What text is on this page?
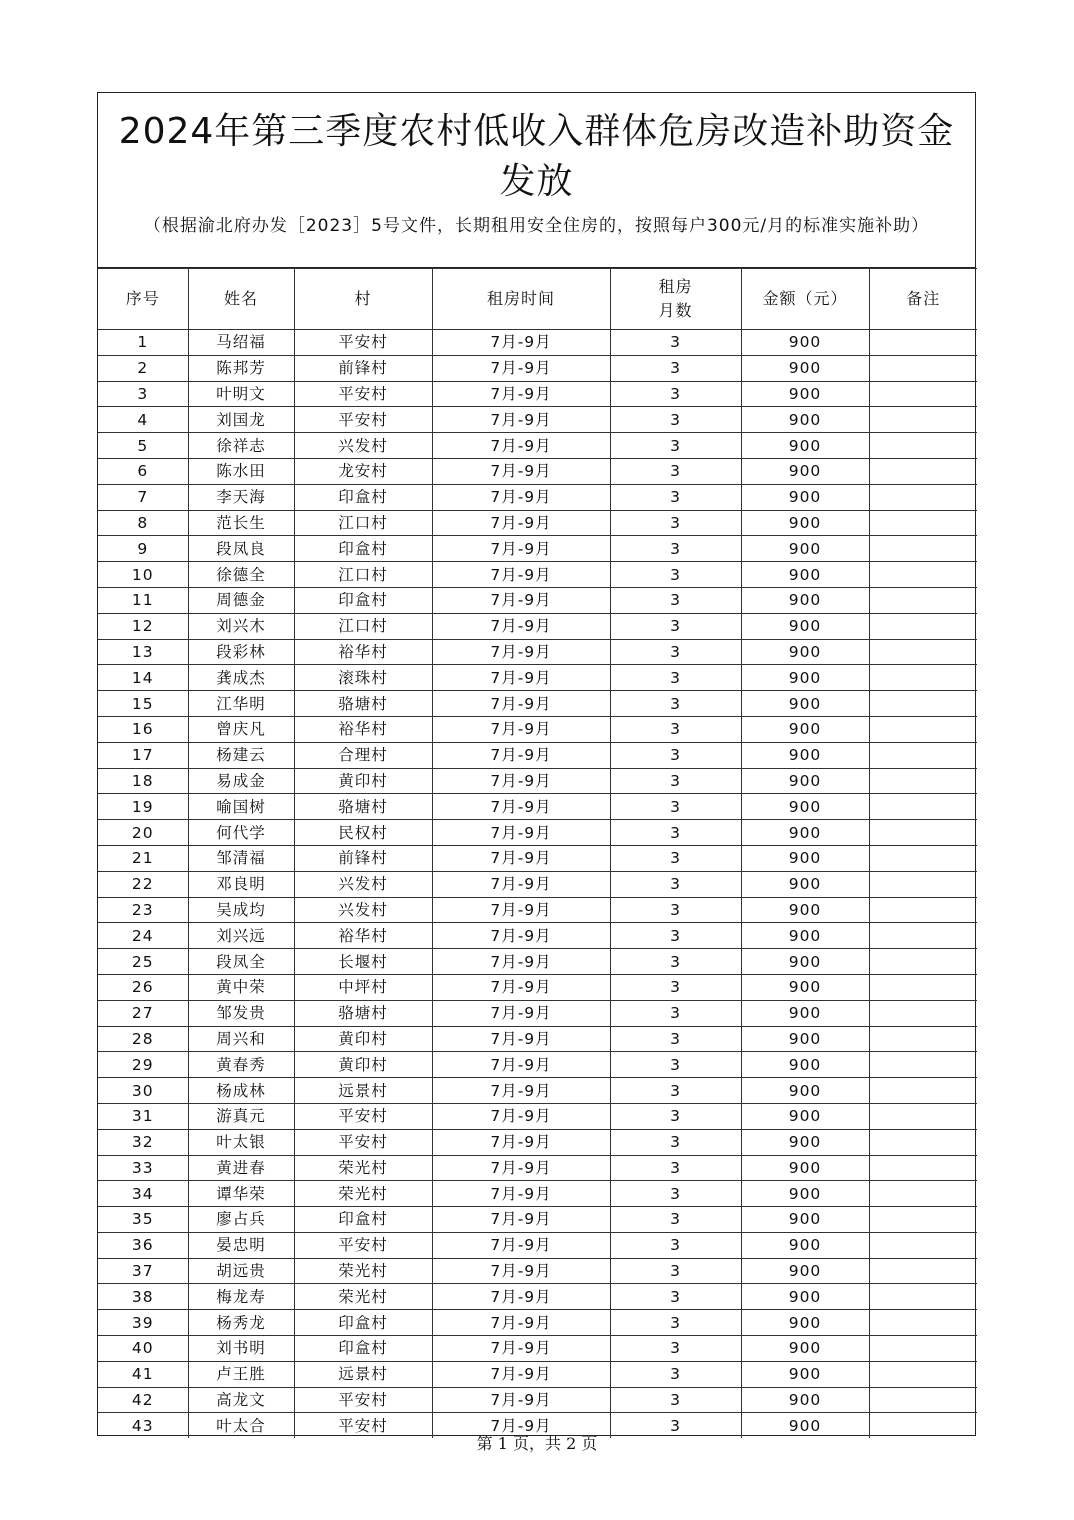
2024年第三季度农村低收入群体危房改造补助资金发放
（根据渝北府办发［2023］5号文件，长期租用安全住房的，按照每户300元/月的标准实施补助）
序号	姓名	村	租房时间	租房
月数	金额（元）	备注
1	马绍福	平安村	7月-9月	3	900	
2	陈邦芳	前锋村	7月-9月	3	900	
3	叶明文	平安村	7月-9月	3	900	
4	刘国龙	平安村	7月-9月	3	900	
5	徐祥志	兴发村	7月-9月	3	900	
6	陈水田	龙安村	7月-9月	3	900	
7	李天海	印盒村	7月-9月	3	900	
8	范长生	江口村	7月-9月	3	900	
9	段凤良	印盒村	7月-9月	3	900	
10	徐德全	江口村	7月-9月	3	900	
11	周德金	印盒村	7月-9月	3	900	
12	刘兴木	江口村	7月-9月	3	900	
13	段彩林	裕华村	7月-9月	3	900	
14	龚成杰	滚珠村	7月-9月	3	900	
15	江华明	骆塘村	7月-9月	3	900	
16	曾庆凡	裕华村	7月-9月	3	900	
17	杨建云	合理村	7月-9月	3	900	
18	易成金	黄印村	7月-9月	3	900	
19	喻国树	骆塘村	7月-9月	3	900	
20	何代学	民权村	7月-9月	3	900	
21	邹清福	前锋村	7月-9月	3	900	
22	邓良明	兴发村	7月-9月	3	900	
23	吴成均	兴发村	7月-9月	3	900	
24	刘兴远	裕华村	7月-9月	3	900	
25	段凤全	长堰村	7月-9月	3	900	
26	黄中荣	中坪村	7月-9月	3	900	
27	邹发贵	骆塘村	7月-9月	3	900	
28	周兴和	黄印村	7月-9月	3	900	
29	黄春秀	黄印村	7月-9月	3	900	
30	杨成林	远景村	7月-9月	3	900	
31	游真元	平安村	7月-9月	3	900	
32	叶太银	平安村	7月-9月	3	900	
33	黄进春	荣光村	7月-9月	3	900	
34	谭华荣	荣光村	7月-9月	3	900	
35	廖占兵	印盒村	7月-9月	3	900	
36	晏忠明	平安村	7月-9月	3	900	
37	胡远贵	荣光村	7月-9月	3	900	
38	梅龙寿	荣光村	7月-9月	3	900	
39	杨秀龙	印盒村	7月-9月	3	900	
40	刘书明	印盒村	7月-9月	3	900	
41	卢王胜	远景村	7月-9月	3	900	
42	高龙文	平安村	7月-9月	3	900	
43	叶太合	平安村	7月-9月	3	900	
第 1 页，共 2 页
